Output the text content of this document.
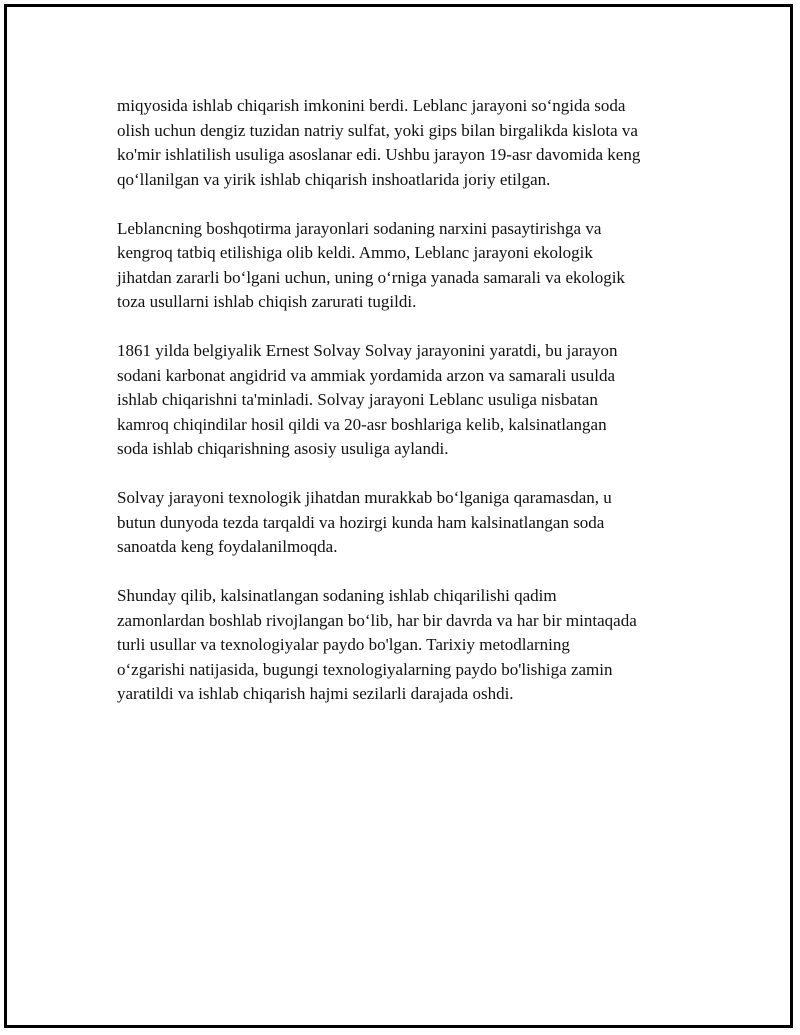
miqyosida ishlab chiqarish imkonini berdi. Leblanc jarayoni so‘ngida soda
olish uchun dengiz tuzidan natriy sulfat, yoki gips bilan birgalikda kislota va
ko'mir ishlatilish usuliga asoslanar edi. Ushbu jarayon 19-asr davomida keng
qo‘llanilgan va yirik ishlab chiqarish inshoatlarida joriy etilgan.

Leblancning boshqotirma jarayonlari sodaning narxini pasaytirishga va
kengroq tatbiq etilishiga olib keldi. Ammo, Leblanc jarayoni ekologik
jihatdan zararli bo‘lgani uchun, uning o‘rniga yanada samarali va ekologik
toza usullarni ishlab chiqish zarurati tugildi.

1861 yilda belgiyalik Ernest Solvay Solvay jarayonini yaratdi, bu jarayon
sodani karbonat angidrid va ammiak yordamida arzon va samarali usulda
ishlab chiqarishni ta'minladi. Solvay jarayoni Leblanc usuliga nisbatan
kamroq chiqindilar hosil qildi va 20-asr boshlariga kelib, kalsinatlangan
soda ishlab chiqarishning asosiy usuliga aylandi.

Solvay jarayoni texnologik jihatdan murakkab bo‘lganiga qaramasdan, u
butun dunyoda tezda tarqaldi va hozirgi kunda ham kalsinatlangan soda
sanoatda keng foydalanilmoqda.

Shunday qilib, kalsinatlangan sodaning ishlab chiqarilishi qadim
zamonlardan boshlab rivojlangan bo‘lib, har bir davrda va har bir mintaqada
turli usullar va texnologiyalar paydo bo'lgan. Tarixiy metodlarning
o‘zgarishi natijasida, bugungi texnologiyalarning paydo bo'lishiga zamin
yaratildi va ishlab chiqarish hajmi sezilarli darajada oshdi.
